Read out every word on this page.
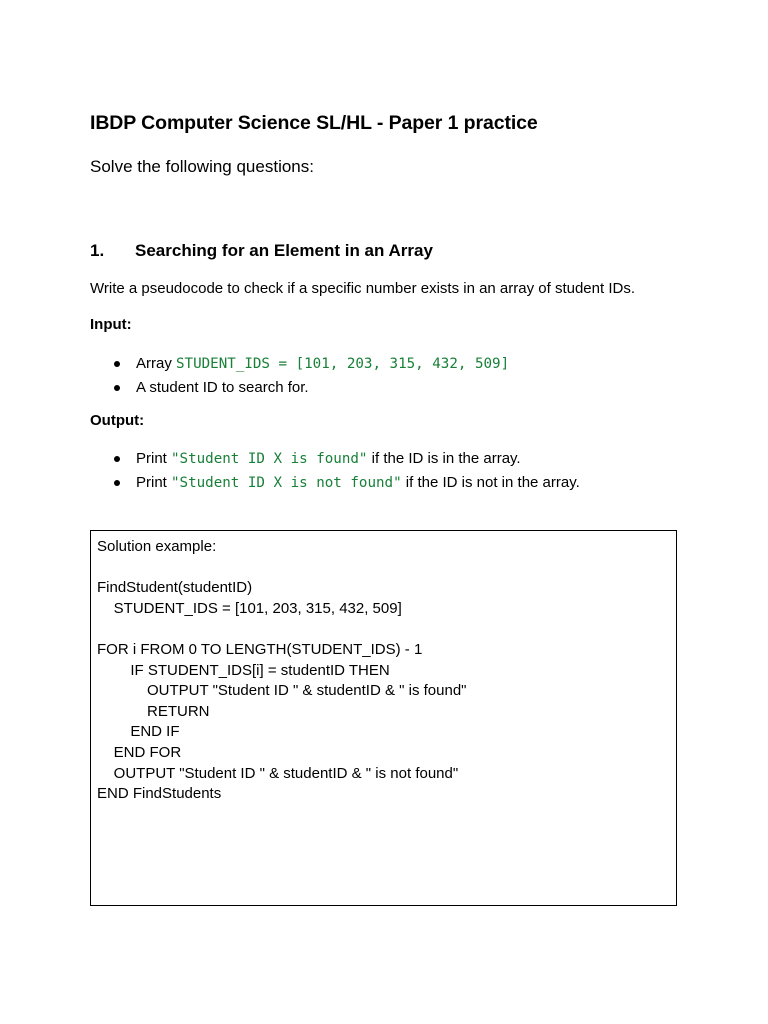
IBDP Computer Science SL/HL - Paper 1 practice
Solve the following questions:
1. Searching for an Element in an Array
Write a pseudocode to check if a specific number exists in an array of student IDs.
Input:
Array STUDENT_IDS = [101, 203, 315, 432, 509]
A student ID to search for.
Output:
Print "Student ID X is found" if the ID is in the array.
Print "Student ID X is not found" if the ID is not in the array.
Solution example:
FindStudent(studentID)
STUDENT_IDS = [101, 203, 315, 432, 509]
FOR i FROM 0 TO LENGTH(STUDENT_IDS) - 1
IF STUDENT_IDS[i] = studentID THEN
OUTPUT "Student ID " & studentID & " is found"
RETURN
END IF
END FOR
OUTPUT "Student ID " & studentID & " is not found"
END FindStudents
